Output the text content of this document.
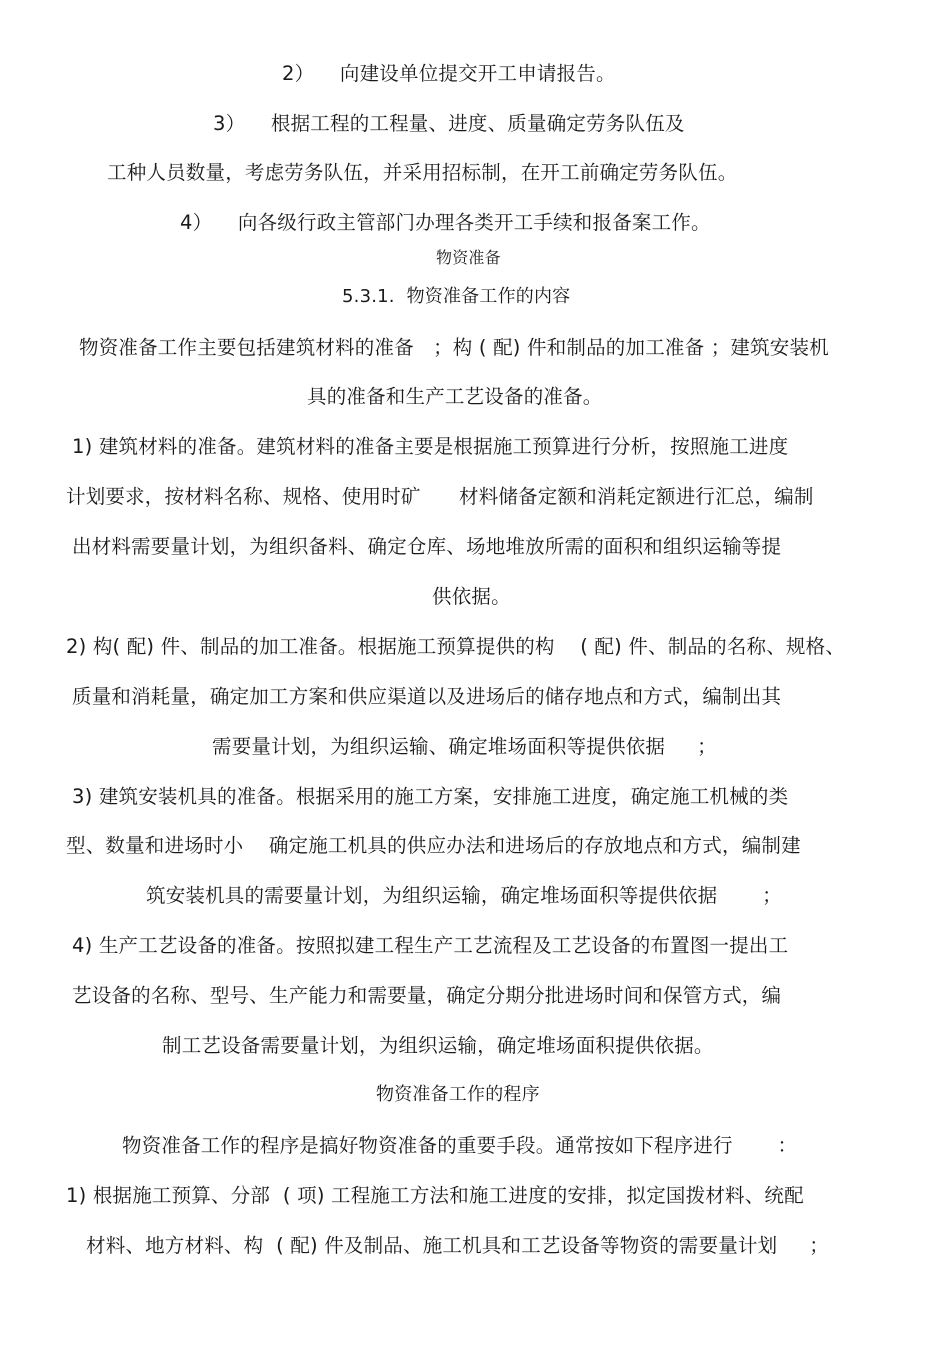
2）    向建设单位提交开工申请报告。
3）    根据工程的工程量、进度、质量确定劳务队伍及
工种人员数量，考虑劳务队伍，并采用招标制，在开工前确定劳务队伍。
4）    向各级行政主管部门办理各类开工手续和报备案工作。
物资准备
5.3.1.  物资准备工作的内容
物资准备工作主要包括建筑材料的准备   ；构 ( 配) 件和制品的加工准备 ；建筑安装机
具的准备和生产工艺设备的准备。
1) 建筑材料的准备。建筑材料的准备主要是根据施工预算进行分析，按照施工进度
计划要求，按材料名称、规格、使用时矿      材料储备定额和消耗定额进行汇总，编制
出材料需要量计划，为组织备料、确定仓库、场地堆放所需的面积和组织运输等提
供依据。
2) 构( 配) 件、制品的加工准备。根据施工预算提供的构    ( 配) 件、制品的名称、规格、
质量和消耗量，确定加工方案和供应渠道以及进场后的储存地点和方式，编制出其
需要量计划，为组织运输、确定堆场面积等提供依据     ；
3) 建筑安装机具的准备。根据采用的施工方案，安排施工进度，确定施工机械的类
型、数量和进场时小    确定施工机具的供应办法和进场后的存放地点和方式，编制建
筑安装机具的需要量计划，为组织运输，确定堆场面积等提供依据       ；
4) 生产工艺设备的准备。按照拟建工程生产工艺流程及工艺设备的布置图一提出工
艺设备的名称、型号、生产能力和需要量，确定分期分批进场时间和保管方式，编
制工艺设备需要量计划，为组织运输，确定堆场面积提供依据。
物资准备工作的程序
物资准备工作的程序是搞好物资准备的重要手段。通常按如下程序进行       ：
1) 根据施工预算、分部  ( 项) 工程施工方法和施工进度的安排，拟定国拨材料、统配
材料、地方材料、构  ( 配) 件及制品、施工机具和工艺设备等物资的需要量计划     ；
